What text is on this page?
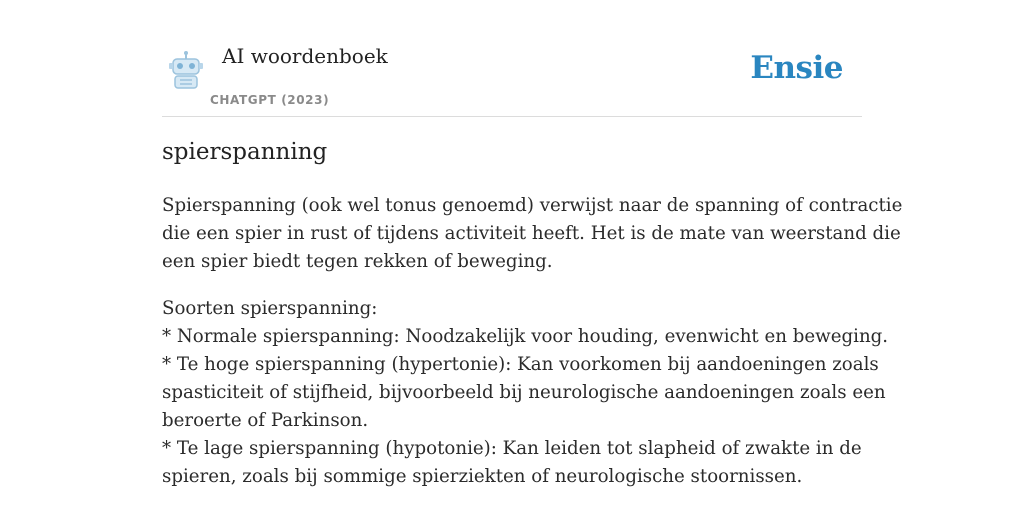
AI woordenboek
CHATGPT (2023)
Ensie
spierspanning

Spierspanning (ook wel tonus genoemd) verwijst naar de spanning of contractie
die een spier in rust of tijdens activiteit heeft. Het is de mate van weerstand die
een spier biedt tegen rekken of beweging.

Soorten spierspanning:
* Normale spierspanning: Noodzakelijk voor houding, evenwicht en beweging.
* Te hoge spierspanning (hypertonie): Kan voorkomen bij aandoeningen zoals
spasticiteit of stijfheid, bijvoorbeeld bij neurologische aandoeningen zoals een
beroerte of Parkinson.
* Te lage spierspanning (hypotonie): Kan leiden tot slapheid of zwakte in de
spieren, zoals bij sommige spierziekten of neurologische stoornissen.
